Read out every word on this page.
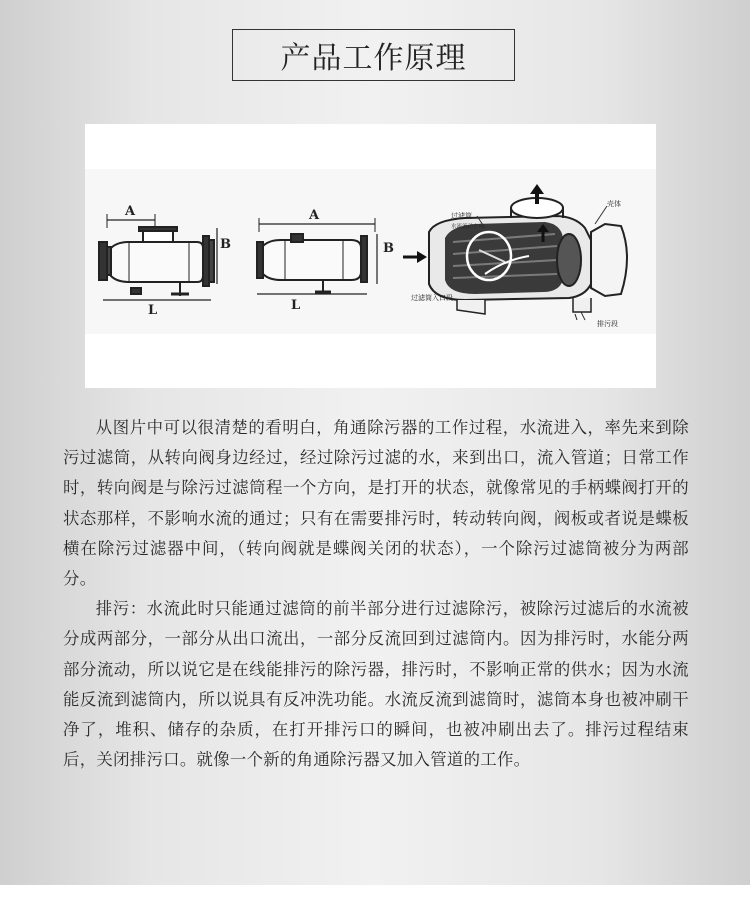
产品工作原理
A
B
L
A
B
L
过滤筒
水流流动方向
壳体
过滤筒入口段
排污段

从图片中可以很清楚的看明白，角通除污器的工作过程，水流进入，率先来到除污过滤筒，从转向阀身边经过，经过除污过滤的水，来到出口，流入管道；日常工作时，转向阀是与除污过滤筒程一个方向，是打开的状态，就像常见的手柄蝶阀打开的状态那样，不影响水流的通过；只有在需要排污时，转动转向阀，阀板或者说是蝶板横在除污过滤器中间，（转向阀就是蝶阀关闭的状态），一个除污过滤筒被分为两部分。

排污：水流此时只能通过滤筒的前半部分进行过滤除污，被除污过滤后的水流被分成两部分，一部分从出口流出，一部分反流回到过滤筒内。因为排污时，水能分两部分流动，所以说它是在线能排污的除污器，排污时，不影响正常的供水；因为水流能反流到滤筒内，所以说具有反冲洗功能。水流反流到滤筒时，滤筒本身也被冲刷干净了，堆积、储存的杂质，在打开排污口的瞬间，也被冲刷出去了。排污过程结束后，关闭排污口。就像一个新的角通除污器又加入管道的工作。
